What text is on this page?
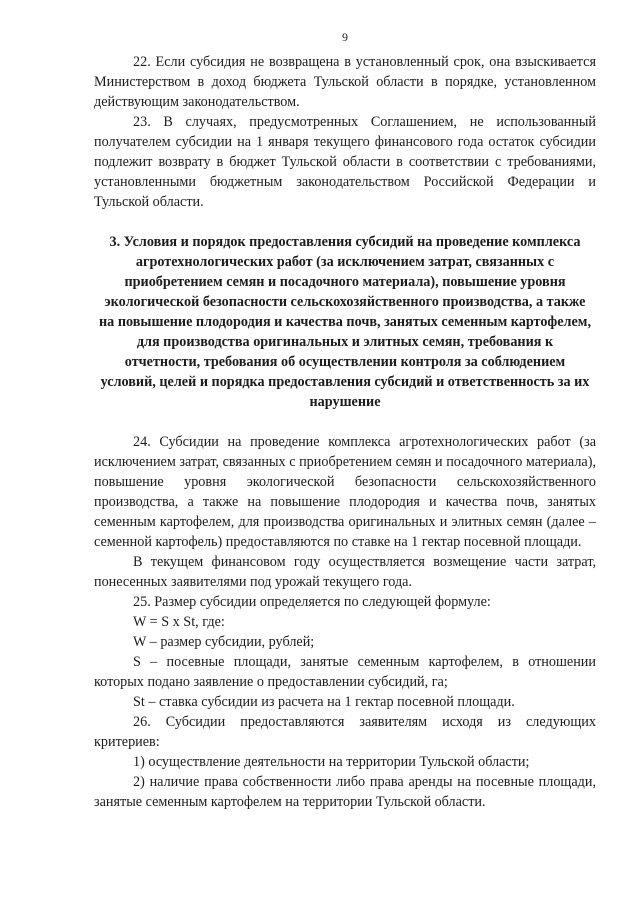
9

22. Если субсидия не возвращена в установленный срок, она взыскивается Министерством в доход бюджета Тульской области в порядке, установленном действующим законодательством.

23. В случаях, предусмотренных Соглашением, не использованный получателем субсидии на 1 января текущего финансового года остаток субсидии подлежит возврату в бюджет Тульской области в соответствии с требованиями, установленными бюджетным законодательством Российской Федерации и Тульской области.

3. Условия и порядок предоставления субсидий на проведение комплекса агротехнологических работ (за исключением затрат, связанных с приобретением семян и посадочного материала), повышение уровня экологической безопасности сельскохозяйственного производства, а также на повышение плодородия и качества почв, занятых семенным картофелем, для производства оригинальных и элитных семян, требования к отчетности, требования об осуществлении контроля за соблюдением условий, целей и порядка предоставления субсидий и ответственность за их нарушение

24. Субсидии на проведение комплекса агротехнологических работ (за исключением затрат, связанных с приобретением семян и посадочного материала), повышение уровня экологической безопасности сельскохозяйственного производства, а также на повышение плодородия и качества почв, занятых семенным картофелем, для производства оригинальных и элитных семян (далее – семенной картофель) предоставляются по ставке на 1 гектар посевной площади.

В текущем финансовом году осуществляется возмещение части затрат, понесенных заявителями под урожай текущего года.

25. Размер субсидии определяется по следующей формуле:

W = S x St, где:

W – размер субсидии, рублей;

S – посевные площади, занятые семенным картофелем, в отношении которых подано заявление о предоставлении субсидий, га;

St – ставка субсидии из расчета на 1 гектар посевной площади.

26. Субсидии предоставляются заявителям исходя из следующих критериев:

1) осуществление деятельности на территории Тульской области;

2) наличие права собственности либо права аренды на посевные площади, занятые семенным картофелем на территории Тульской области.
